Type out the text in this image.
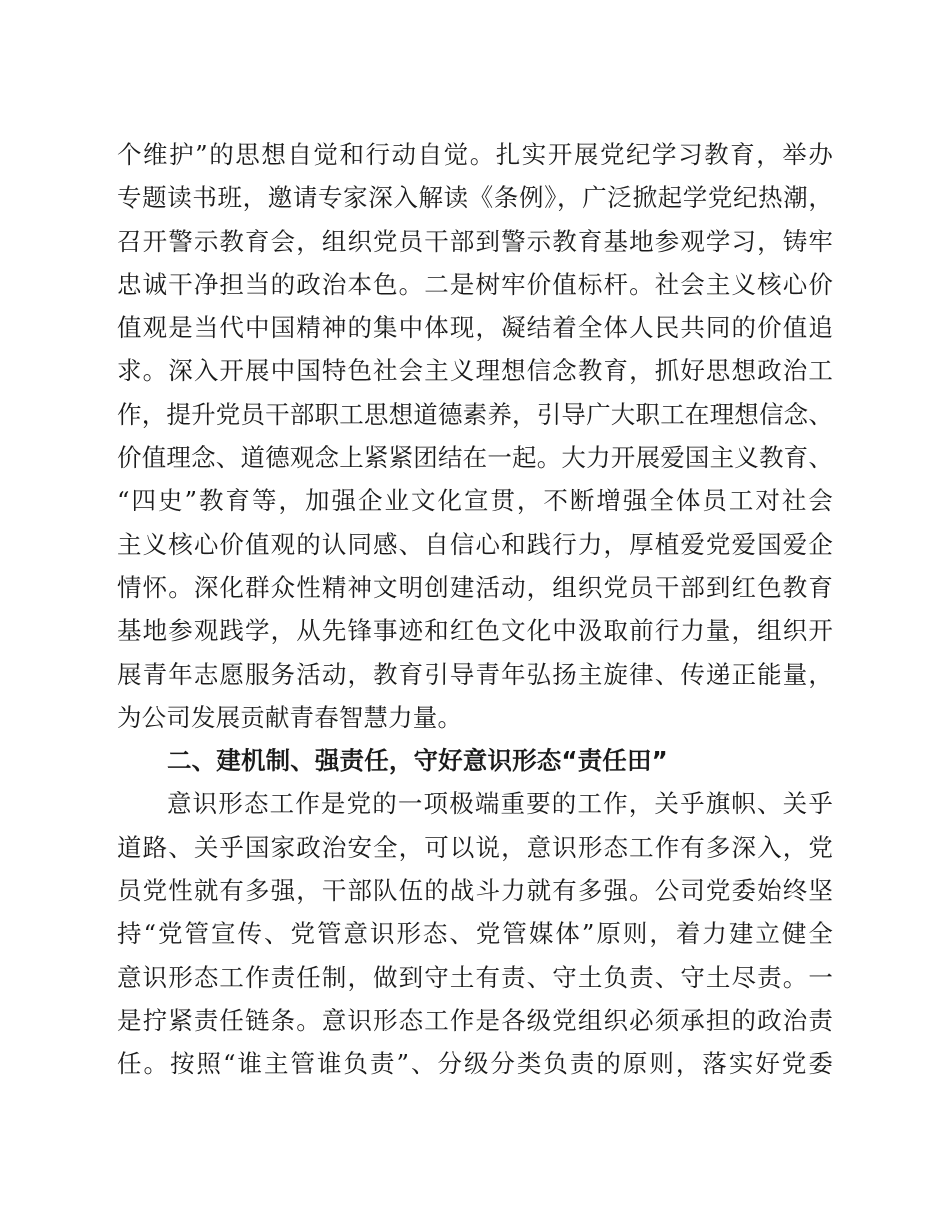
个维护”的思想自觉和行动自觉。扎实开展党纪学习教育，举办
专题读书班，邀请专家深入解读《条例》，广泛掀起学党纪热潮，
召开警示教育会，组织党员干部到警示教育基地参观学习，铸牢
忠诚干净担当的政治本色。二是树牢价值标杆。社会主义核心价
值观是当代中国精神的集中体现，凝结着全体人民共同的价值追
求。深入开展中国特色社会主义理想信念教育，抓好思想政治工
作，提升党员干部职工思想道德素养，引导广大职工在理想信念、
价值理念、道德观念上紧紧团结在一起。大力开展爱国主义教育、
“四史”教育等，加强企业文化宣贯，不断增强全体员工对社会
主义核心价值观的认同感、自信心和践行力，厚植爱党爱国爱企
情怀。深化群众性精神文明创建活动，组织党员干部到红色教育
基地参观践学，从先锋事迹和红色文化中汲取前行力量，组织开
展青年志愿服务活动，教育引导青年弘扬主旋律、传递正能量，
为公司发展贡献青春智慧力量。
二、建机制、强责任，守好意识形态“责任田”
意识形态工作是党的一项极端重要的工作，关乎旗帜、关乎
道路、关乎国家政治安全，可以说，意识形态工作有多深入，党
员党性就有多强，干部队伍的战斗力就有多强。公司党委始终坚
持“党管宣传、党管意识形态、党管媒体”原则，着力建立健全
意识形态工作责任制，做到守土有责、守土负责、守土尽责。一
是拧紧责任链条。意识形态工作是各级党组织必须承担的政治责
任。按照“谁主管谁负责”、分级分类负责的原则，落实好党委
